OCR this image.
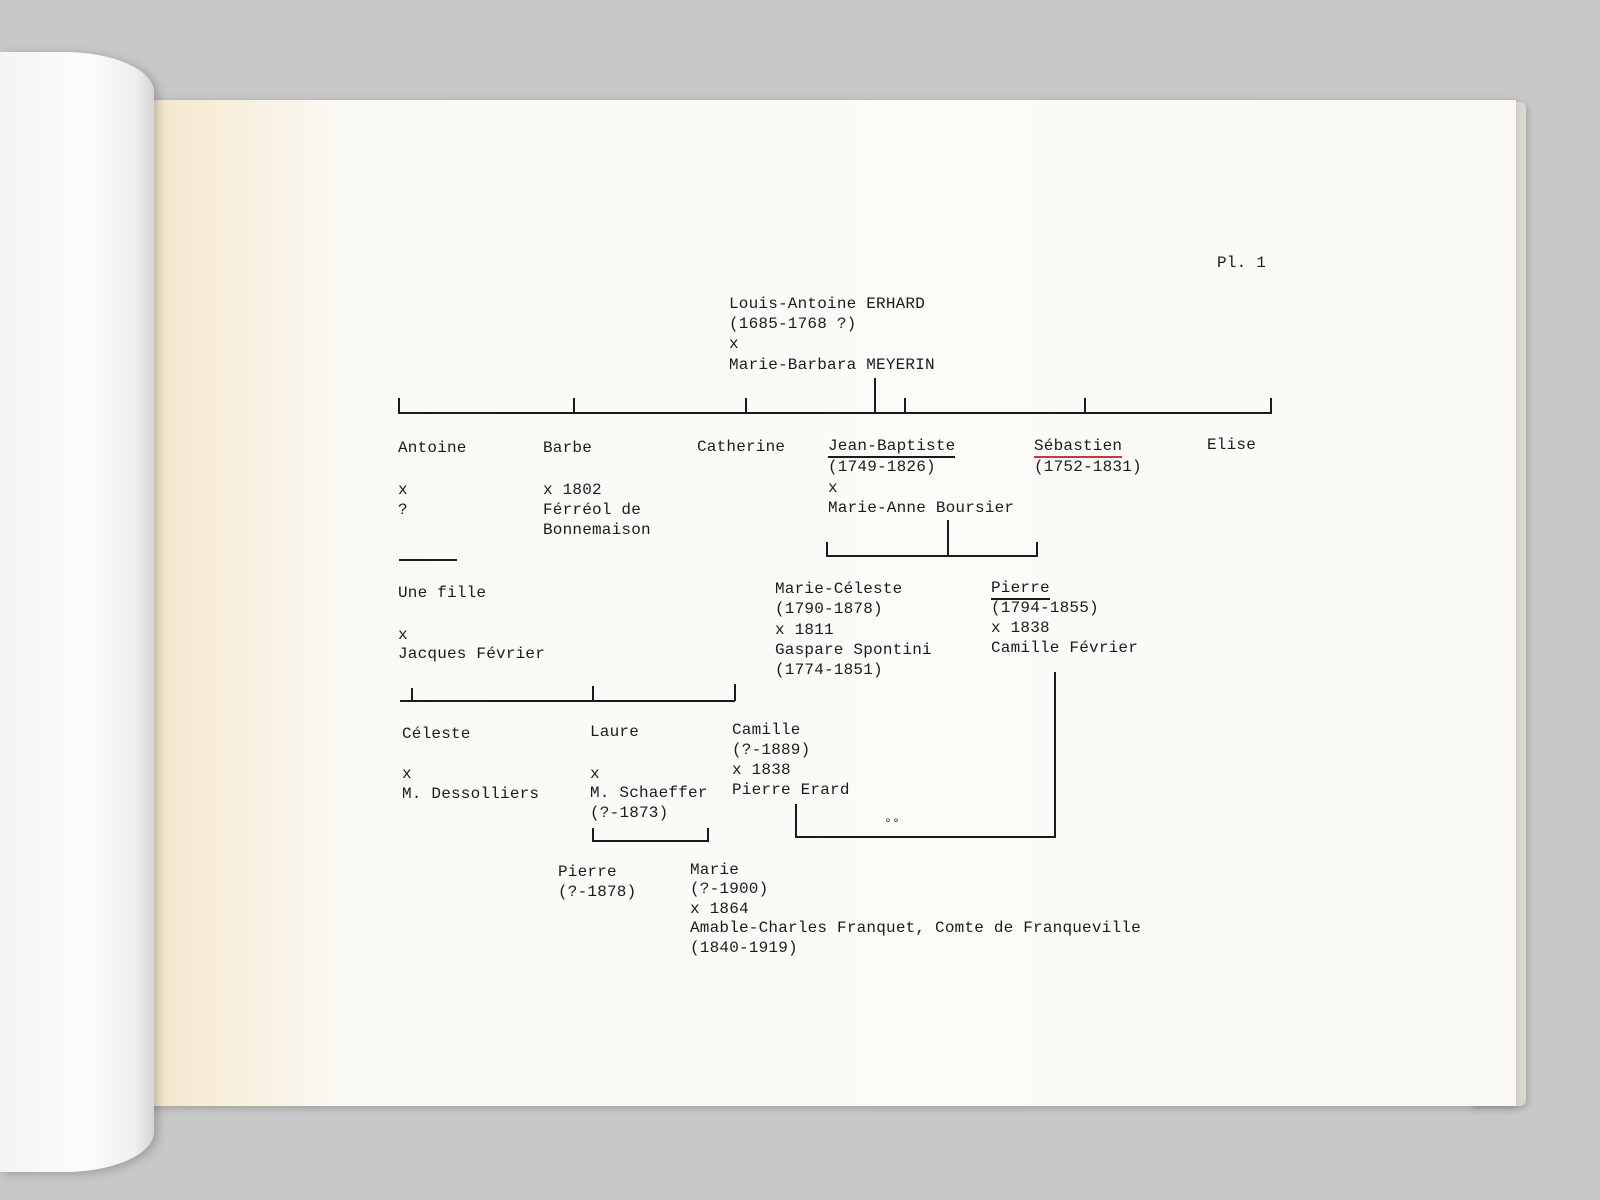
Pl. 1
Louis-Antoine ERHARD
(1685-1768 ?)
x
Marie-Barbara MEYERIN
Antoine
x
?
Barbe
x 1802
Férréol de
Bonnemaison
Catherine	Jean-Baptiste
(1749-1826)
x
Marie-Anne Boursier
Sébastien
(1752-1831)
Elise
Une fille
x
Jacques Février
Marie-Céleste
(1790-1878)
x 1811
Gaspare Spontini
(1774-1851)
Pierre
(1794-1855)
x 1838
Camille Février
Céleste
x
M. Dessolliers
Laure
x
M. Schaeffer
(?-1873)
Camille
(?-1889)
x 1838
Pierre Erard
°°
Pierre
(?-1878)
Marie
(?-1900)
x 1864
Amable-Charles Franquet, Comte de Franqueville
(1840-1919)
